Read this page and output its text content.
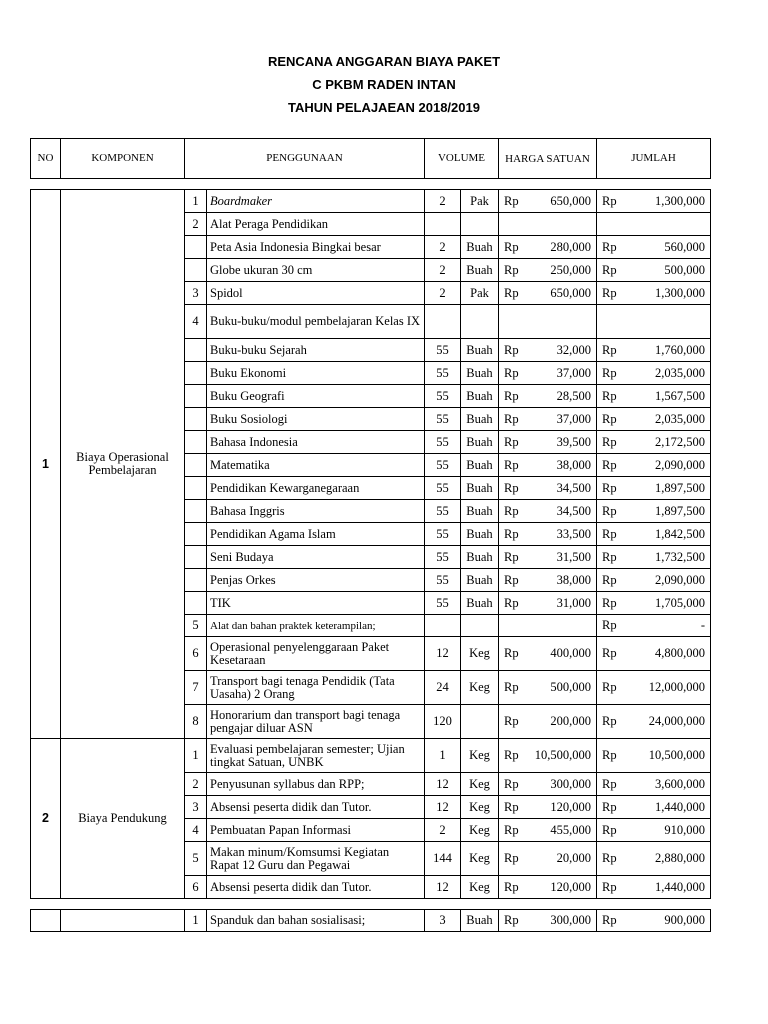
RENCANA ANGGARAN BIAYA PAKET
C PKBM RADEN INTAN
TAHUN PELAJAEAN 2018/2019
NO	KOMPONEN	PENGGUNAAN		VOLUME		HARGA SATUAN	JUMLAH

1	Biaya Operasional Pembelajaran	1	Boardmaker	2	Pak	Rp 650,000	Rp 1,300,000

		2	Alat Peraga Pendidikan			

			Peta Asia Indonesia Bingkai besar	2	Buah	Rp 280,000	Rp 560,000

			Globe ukuran 30 cm	2	Buah	Rp 250,000	Rp 500,000

		3	Spidol	2	Pak	Rp 650,000	Rp 1,300,000

		4	Buku-buku/modul pembelajaran Kelas IX			

			Buku-buku Sejarah	55	Buah	Rp 32,000	Rp 1,760,000

			Buku Ekonomi	55	Buah	Rp 37,000	Rp 2,035,000

			Buku Geografi	55	Buah	Rp 28,500	Rp 1,567,500

			Buku Sosiologi	55	Buah	Rp 37,000	Rp 2,035,000

			Bahasa Indonesia	55	Buah	Rp 39,500	Rp 2,172,500

			Matematika	55	Buah	Rp 38,000	Rp 2,090,000

			Pendidikan Kewarganegaraan	55	Buah	Rp 34,500	Rp 1,897,500

			Bahasa Inggris	55	Buah	Rp 34,500	Rp 1,897,500

			Pendidikan Agama Islam	55	Buah	Rp 33,500	Rp 1,842,500

			Seni Budaya	55	Buah	Rp 31,500	Rp 1,732,500

			Penjas Orkes	55	Buah	Rp 38,000	Rp 2,090,000

			TIK	55	Buah	Rp 31,000	Rp 1,705,000

		5	Alat dan bahan praktek keterampilan;				Rp -

		6	Operasional penyelenggaraan Paket Kesetaraan	12	Keg	Rp 400,000	Rp 4,800,000

		7	Transport bagi tenaga Pendidik (Tata Uasaha) 2 Orang	24	Keg	Rp 500,000	Rp 12,000,000

		8	Honorarium dan transport bagi tenaga pengajar diluar ASN	120		Rp 200,000	Rp 24,000,000

2	Biaya Pendukung	1	Evaluasi pembelajaran semester; Ujian tingkat Satuan, UNBK	1	Keg	Rp 10,500,000	Rp 10,500,000

		2	Penyusunan syllabus dan RPP;	12	Keg	Rp 300,000	Rp 3,600,000

		3	Absensi peserta didik dan Tutor.	12	Keg	Rp 120,000	Rp 1,440,000

		4	Pembuatan Papan Informasi	2	Keg	Rp 455,000	Rp 910,000

		5	Makan minum/Komsumsi Kegiatan Rapat 12 Guru dan Pegawai	144	Keg	Rp 20,000	Rp 2,880,000

		6	Absensi peserta didik dan Tutor.	12	Keg	Rp 120,000	Rp 1,440,000

		1	Spanduk dan bahan sosialisasi;	3	Buah	Rp 300,000	Rp 900,000
